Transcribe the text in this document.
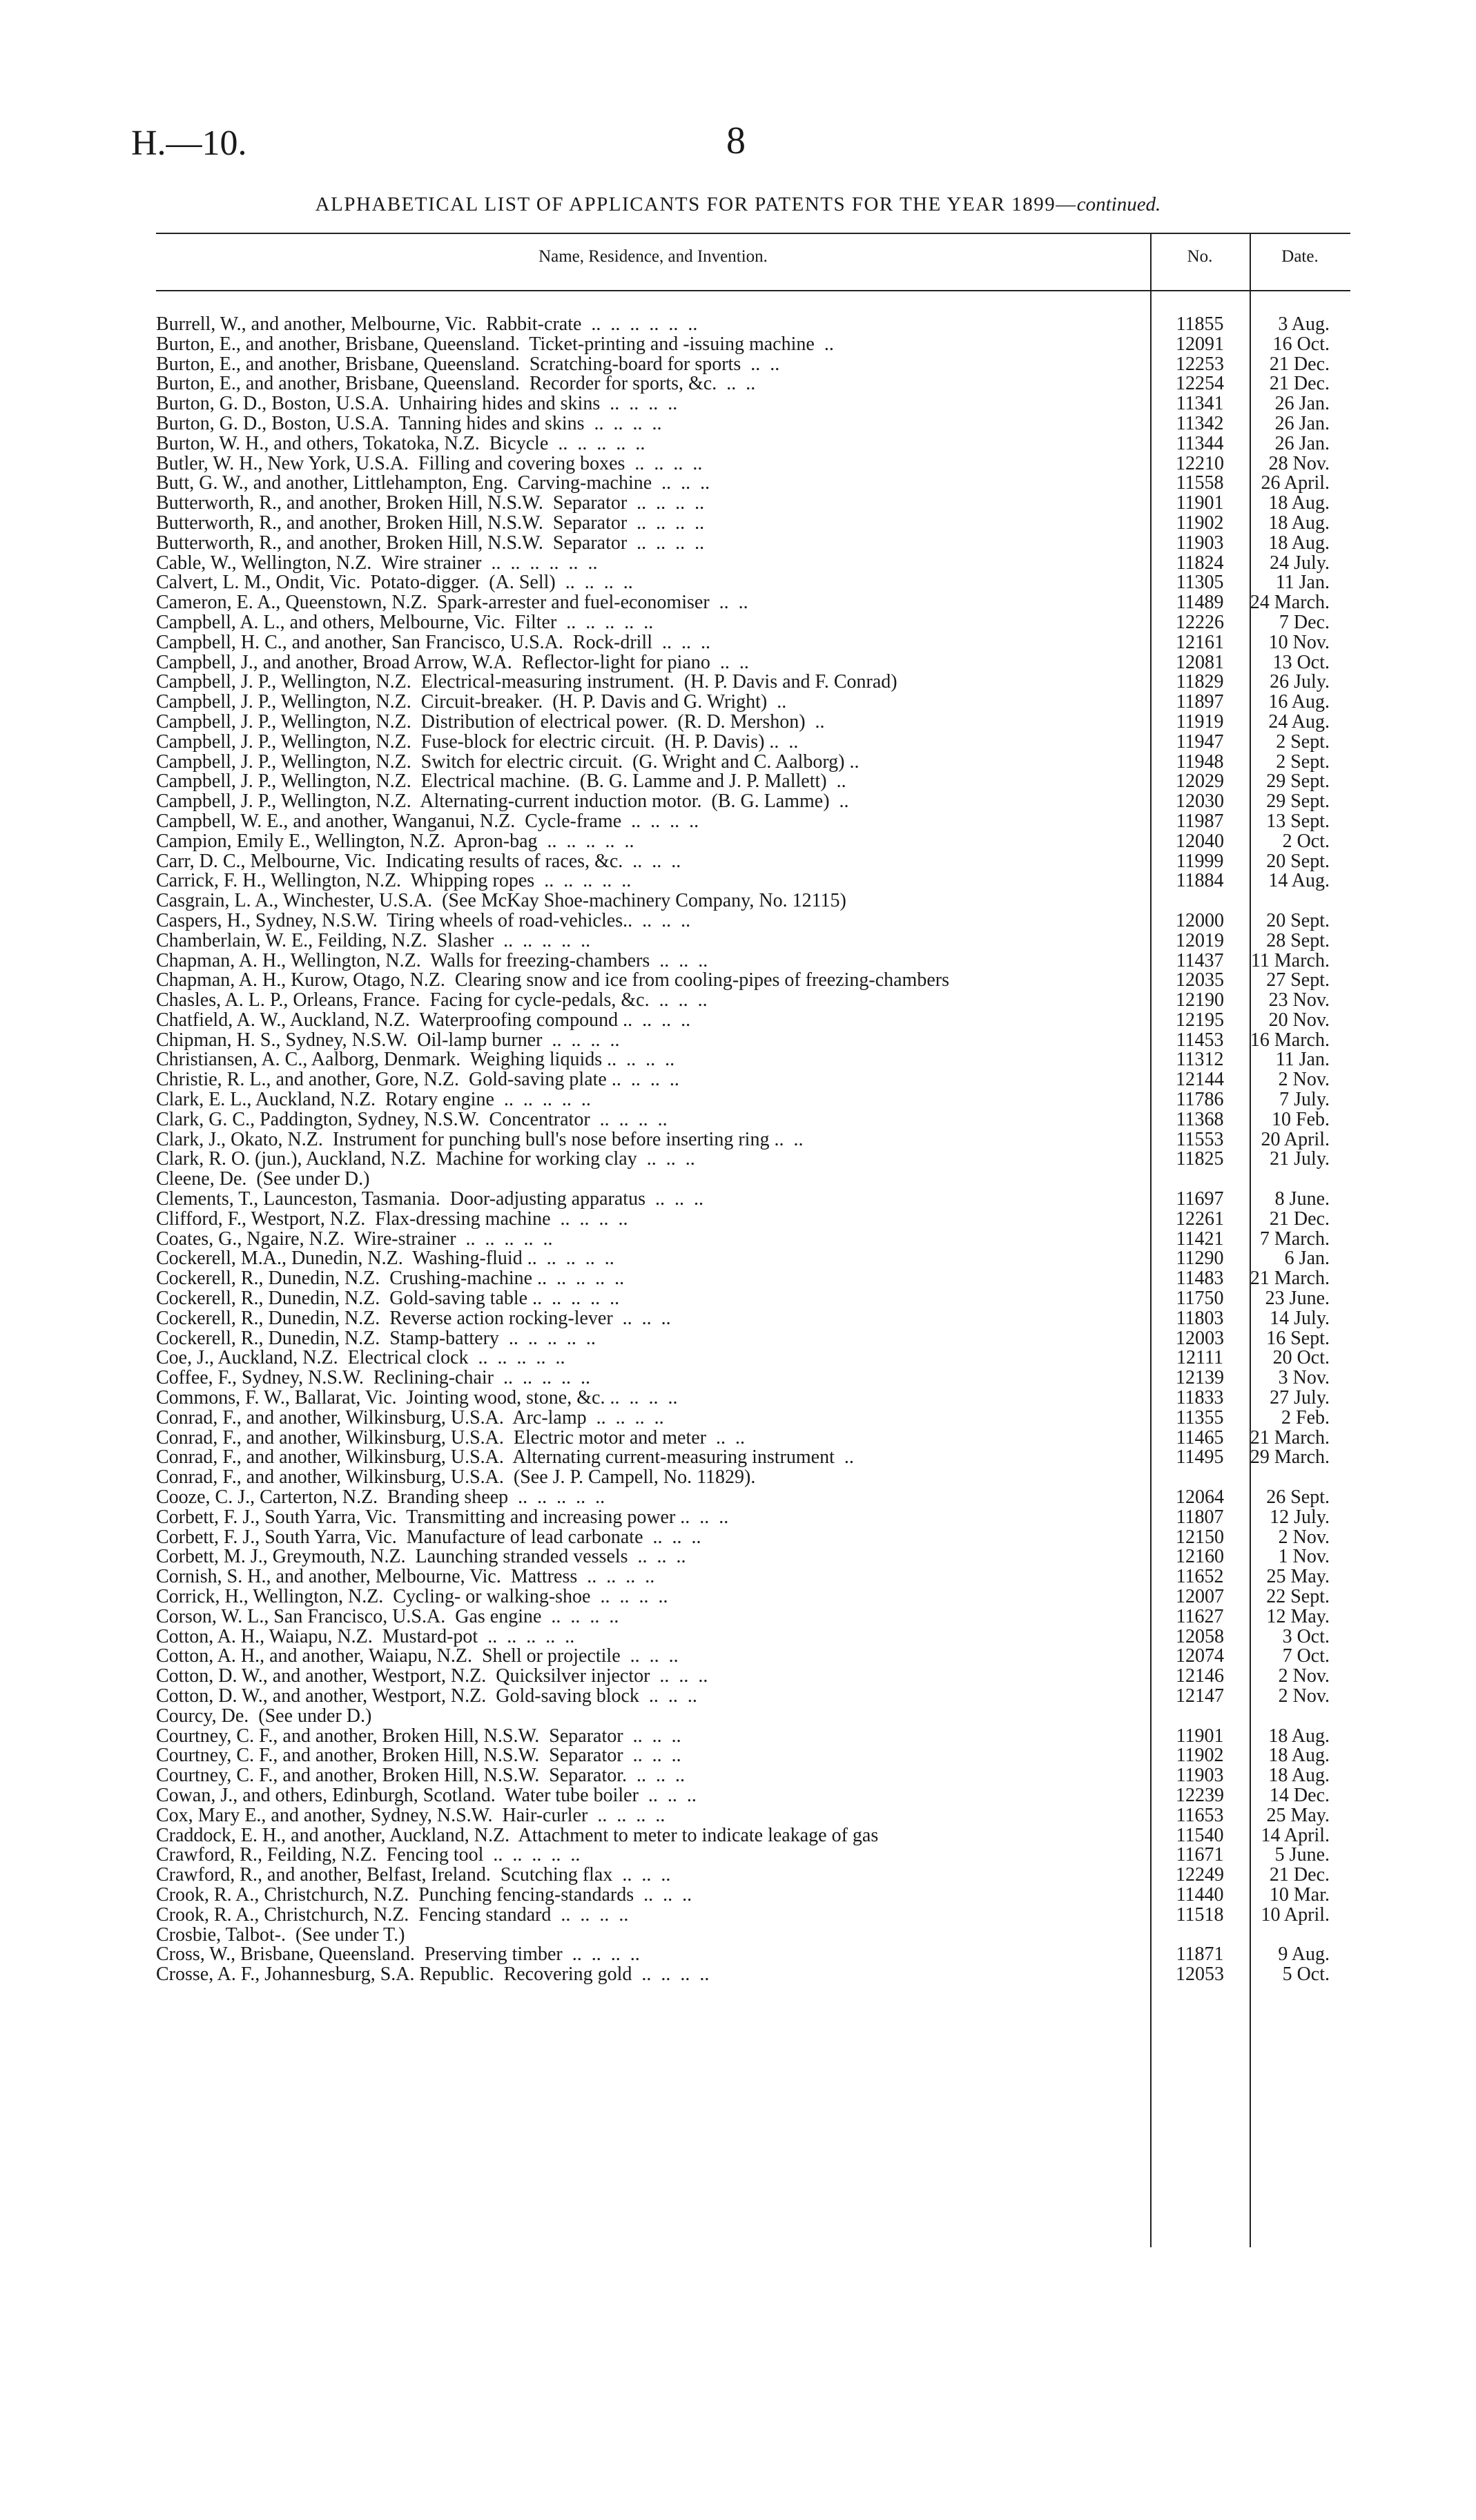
H.—10.	8
ALPHABETICAL LIST OF APPLICANTS FOR PATENTS FOR THE YEAR 1899—continued.
Name, Residence, and Invention.	No.	Date.
Burrell, W., and another, Melbourne, Vic.  Rabbit-crate  ..  ..  ..  ..  ..  ..	11855	3 Aug.
Burton, E., and another, Brisbane, Queensland.  Ticket-printing and -issuing machine  ..	12091	16 Oct.
Burton, E., and another, Brisbane, Queensland.  Scratching-board for sports  ..  ..	12253	21 Dec.
Burton, E., and another, Brisbane, Queensland.  Recorder for sports, &c.  ..  ..	12254	21 Dec.
Burton, G. D., Boston, U.S.A.  Unhairing hides and skins  ..  ..  ..  ..	11341	26 Jan.
Burton, G. D., Boston, U.S.A.  Tanning hides and skins  ..  ..  ..  ..	11342	26 Jan.
Burton, W. H., and others, Tokatoka, N.Z.  Bicycle  ..  ..  ..  ..  ..	11344	26 Jan.
Butler, W. H., New York, U.S.A.  Filling and covering boxes  ..  ..  ..  ..	12210	28 Nov.
Butt, G. W., and another, Littlehampton, Eng.  Carving-machine  ..  ..  ..	11558	26 April.
Butterworth, R., and another, Broken Hill, N.S.W.  Separator  ..  ..  ..  ..	11901	18 Aug.
Butterworth, R., and another, Broken Hill, N.S.W.  Separator  ..  ..  ..  ..	11902	18 Aug.
Butterworth, R., and another, Broken Hill, N.S.W.  Separator  ..  ..  ..  ..	11903	18 Aug.
Cable, W., Wellington, N.Z.  Wire strainer  ..  ..  ..  ..  ..  ..	11824	24 July.
Calvert, L. M., Ondit, Vic.  Potato-digger.  (A. Sell)  ..  ..  ..  ..	11305	11 Jan.
Cameron, E. A., Queenstown, N.Z.  Spark-arrester and fuel-economiser  ..  ..	11489	24 March.
Campbell, A. L., and others, Melbourne, Vic.  Filter  ..  ..  ..  ..  ..	12226	7 Dec.
Campbell, H. C., and another, San Francisco, U.S.A.  Rock-drill  ..  ..  ..	12161	10 Nov.
Campbell, J., and another, Broad Arrow, W.A.  Reflector-light for piano  ..  ..	12081	13 Oct.
Campbell, J. P., Wellington, N.Z.  Electrical-measuring instrument.  (H. P. Davis and F. Conrad)	11829	26 July.
Campbell, J. P., Wellington, N.Z.  Circuit-breaker.  (H. P. Davis and G. Wright)  ..	11897	16 Aug.
Campbell, J. P., Wellington, N.Z.  Distribution of electrical power.  (R. D. Mershon)  ..	11919	24 Aug.
Campbell, J. P., Wellington, N.Z.  Fuse-block for electric circuit.  (H. P. Davis) ..  ..	11947	2 Sept.
Campbell, J. P., Wellington, N.Z.  Switch for electric circuit.  (G. Wright and C. Aalborg) ..	11948	2 Sept.
Campbell, J. P., Wellington, N.Z.  Electrical machine.  (B. G. Lamme and J. P. Mallett)  ..	12029	29 Sept.
Campbell, J. P., Wellington, N.Z.  Alternating-current induction motor.  (B. G. Lamme)  ..	12030	29 Sept.
Campbell, W. E., and another, Wanganui, N.Z.  Cycle-frame  ..  ..  ..  ..	11987	13 Sept.
Campion, Emily E., Wellington, N.Z.  Apron-bag  ..  ..  ..  ..  ..	12040	2 Oct.
Carr, D. C., Melbourne, Vic.  Indicating results of races, &c.  ..  ..  ..	11999	20 Sept.
Carrick, F. H., Wellington, N.Z.  Whipping ropes  ..  ..  ..  ..  ..	11884	14 Aug.
Casgrain, L. A., Winchester, U.S.A.  (See McKay Shoe-machinery Company, No. 12115)
Caspers, H., Sydney, N.S.W.  Tiring wheels of road-vehicles..  ..  ..  ..	12000	20 Sept.
Chamberlain, W. E., Feilding, N.Z.  Slasher  ..  ..  ..  ..  ..	12019	28 Sept.
Chapman, A. H., Wellington, N.Z.  Walls for freezing-chambers  ..  ..  ..	11437	11 March.
Chapman, A. H., Kurow, Otago, N.Z.  Clearing snow and ice from cooling-pipes of freezing-chambers	12035	27 Sept.
Chasles, A. L. P., Orleans, France.  Facing for cycle-pedals, &c.  ..  ..  ..	12190	23 Nov.
Chatfield, A. W., Auckland, N.Z.  Waterproofing compound ..  ..  ..  ..	12195	20 Nov.
Chipman, H. S., Sydney, N.S.W.  Oil-lamp burner  ..  ..  ..  ..	11453	16 March.
Christiansen, A. C., Aalborg, Denmark.  Weighing liquids ..  ..  ..  ..	11312	11 Jan.
Christie, R. L., and another, Gore, N.Z.  Gold-saving plate ..  ..  ..  ..	12144	2 Nov.
Clark, E. L., Auckland, N.Z.  Rotary engine  ..  ..  ..  ..  ..	11786	7 July.
Clark, G. C., Paddington, Sydney, N.S.W.  Concentrator  ..  ..  ..  ..	11368	10 Feb.
Clark, J., Okato, N.Z.  Instrument for punching bull's nose before inserting ring ..  ..	11553	20 April.
Clark, R. O. (jun.), Auckland, N.Z.  Machine for working clay  ..  ..  ..	11825	21 July.
Cleene, De.  (See under D.)
Clements, T., Launceston, Tasmania.  Door-adjusting apparatus  ..  ..  ..	11697	8 June.
Clifford, F., Westport, N.Z.  Flax-dressing machine  ..  ..  ..  ..	12261	21 Dec.
Coates, G., Ngaire, N.Z.  Wire-strainer  ..  ..  ..  ..  ..	11421	7 March.
Cockerell, M.A., Dunedin, N.Z.  Washing-fluid ..  ..  ..  ..  ..	11290	6 Jan.
Cockerell, R., Dunedin, N.Z.  Crushing-machine ..  ..  ..  ..  ..	11483	21 March.
Cockerell, R., Dunedin, N.Z.  Gold-saving table ..  ..  ..  ..  ..	11750	23 June.
Cockerell, R., Dunedin, N.Z.  Reverse action rocking-lever  ..  ..  ..	11803	14 July.
Cockerell, R., Dunedin, N.Z.  Stamp-battery  ..  ..  ..  ..  ..	12003	16 Sept.
Coe, J., Auckland, N.Z.  Electrical clock  ..  ..  ..  ..  ..	12111	20 Oct.
Coffee, F., Sydney, N.S.W.  Reclining-chair  ..  ..  ..  ..  ..	12139	3 Nov.
Commons, F. W., Ballarat, Vic.  Jointing wood, stone, &c. ..  ..  ..  ..	11833	27 July.
Conrad, F., and another, Wilkinsburg, U.S.A.  Arc-lamp  ..  ..  ..  ..	11355	2 Feb.
Conrad, F., and another, Wilkinsburg, U.S.A.  Electric motor and meter  ..  ..	11465	21 March.
Conrad, F., and another, Wilkinsburg, U.S.A.  Alternating current-measuring instrument  ..	11495	29 March.
Conrad, F., and another, Wilkinsburg, U.S.A.  (See J. P. Campell, No. 11829).
Cooze, C. J., Carterton, N.Z.  Branding sheep  ..  ..  ..  ..  ..	12064	26 Sept.
Corbett, F. J., South Yarra, Vic.  Transmitting and increasing power ..  ..  ..	11807	12 July.
Corbett, F. J., South Yarra, Vic.  Manufacture of lead carbonate  ..  ..  ..	12150	2 Nov.
Corbett, M. J., Greymouth, N.Z.  Launching stranded vessels  ..  ..  ..	12160	1 Nov.
Cornish, S. H., and another, Melbourne, Vic.  Mattress  ..  ..  ..  ..	11652	25 May.
Corrick, H., Wellington, N.Z.  Cycling- or walking-shoe  ..  ..  ..  ..	12007	22 Sept.
Corson, W. L., San Francisco, U.S.A.  Gas engine  ..  ..  ..  ..	11627	12 May.
Cotton, A. H., Waiapu, N.Z.  Mustard-pot  ..  ..  ..  ..  ..	12058	3 Oct.
Cotton, A. H., and another, Waiapu, N.Z.  Shell or projectile  ..  ..  ..	12074	7 Oct.
Cotton, D. W., and another, Westport, N.Z.  Quicksilver injector  ..  ..  ..	12146	2 Nov.
Cotton, D. W., and another, Westport, N.Z.  Gold-saving block  ..  ..  ..	12147	2 Nov.
Courcy, De.  (See under D.)
Courtney, C. F., and another, Broken Hill, N.S.W.  Separator  ..  ..  ..	11901	18 Aug.
Courtney, C. F., and another, Broken Hill, N.S.W.  Separator  ..  ..  ..	11902	18 Aug.
Courtney, C. F., and another, Broken Hill, N.S.W.  Separator.  ..  ..  ..	11903	18 Aug.
Cowan, J., and others, Edinburgh, Scotland.  Water tube boiler  ..  ..  ..	12239	14 Dec.
Cox, Mary E., and another, Sydney, N.S.W.  Hair-curler  ..  ..  ..  ..	11653	25 May.
Craddock, E. H., and another, Auckland, N.Z.  Attachment to meter to indicate leakage of gas	11540	14 April.
Crawford, R., Feilding, N.Z.  Fencing tool  ..  ..  ..  ..  ..	11671	5 June.
Crawford, R., and another, Belfast, Ireland.  Scutching flax  ..  ..  ..	12249	21 Dec.
Crook, R. A., Christchurch, N.Z.  Punching fencing-standards  ..  ..  ..	11440	10 Mar.
Crook, R. A., Christchurch, N.Z.  Fencing standard  ..  ..  ..  ..	11518	10 April.
Crosbie, Talbot-.  (See under T.)
Cross, W., Brisbane, Queensland.  Preserving timber  ..  ..  ..  ..	11871	9 Aug.
Crosse, A. F., Johannesburg, S.A. Republic.  Recovering gold  ..  ..  ..  ..	12053	5 Oct.
